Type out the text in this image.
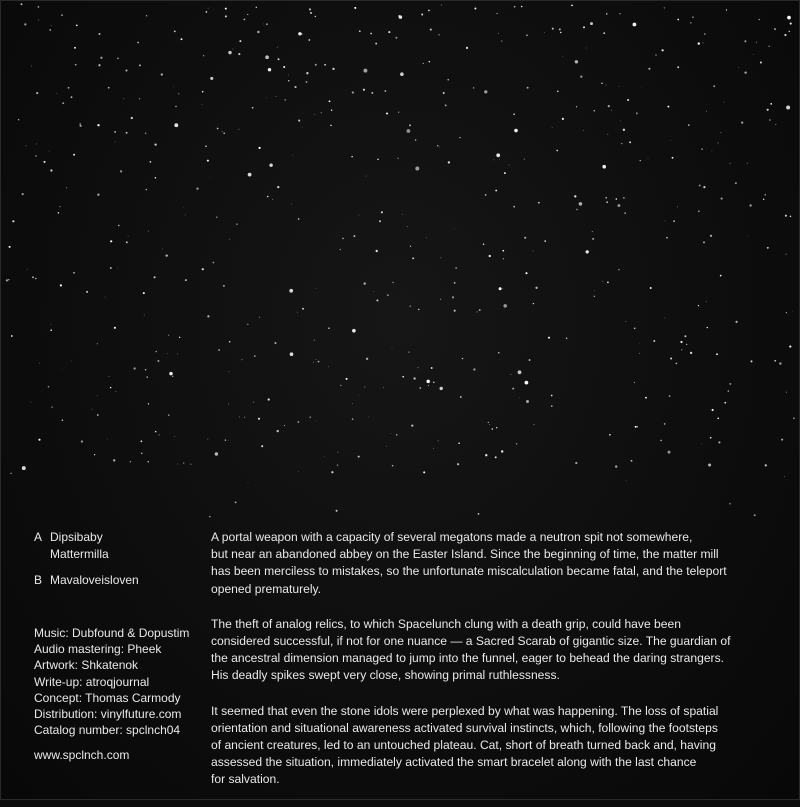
A Dipsibaby
Mattermilla
B Mavaloveisloven
Music: Dubfound & Dopustim
Audio mastering: Pheek
Artwork: Shkatenok
Write-up: atroqjournal
Concept: Thomas Carmody
Distribution: vinylfuture.com
Catalog number: spclnch04
www.spclnch.com

A portal weapon with a capacity of several megatons made a neutron spit not somewhere,
but near an abandoned abbey on the Easter Island. Since the beginning of time, the matter mill
has been merciless to mistakes, so the unfortunate miscalculation became fatal, and the teleport
opened prematurely.

The theft of analog relics, to which Spacelunch clung with a death grip, could have been
considered successful, if not for one nuance — a Sacred Scarab of gigantic size. The guardian of
the ancestral dimension managed to jump into the funnel, eager to behead the daring strangers.
His deadly spikes swept very close, showing primal ruthlessness.

It seemed that even the stone idols were perplexed by what was happening. The loss of spatial
orientation and situational awareness activated survival instincts, which, following the footsteps
of ancient creatures, led to an untouched plateau. Cat, short of breath turned back and, having
assessed the situation, immediately activated the smart bracelet along with the last chance
for salvation.
